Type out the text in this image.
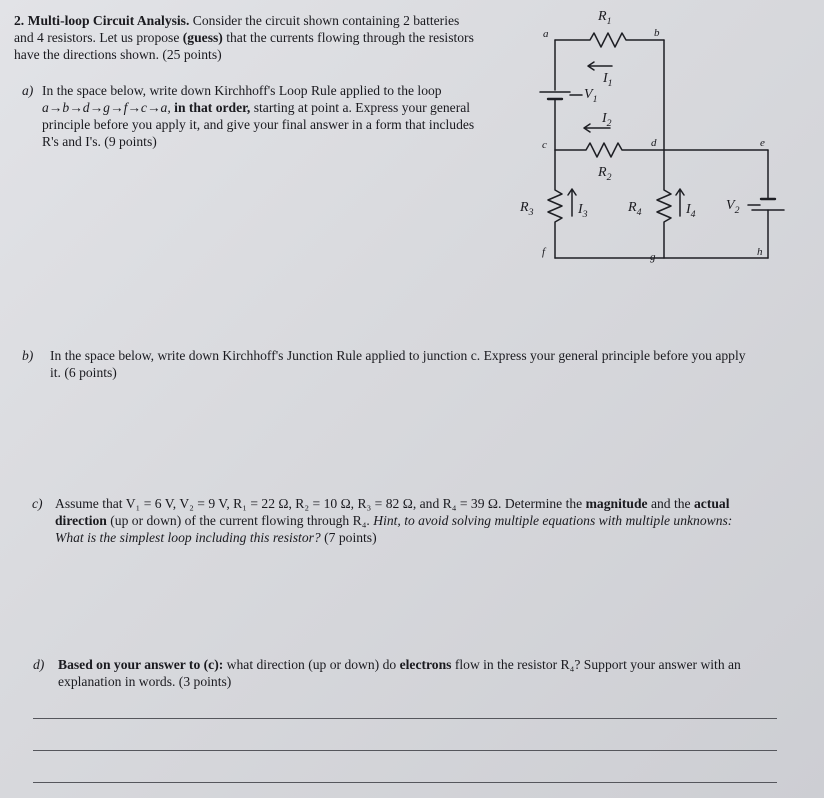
2. Multi-loop Circuit Analysis. Consider the circuit shown containing 2 batteries
and 4 resistors. Let us propose (guess) that the currents flowing through the resistors
have the directions shown. (25 points)
a) In the space below, write down Kirchhoff's Loop Rule applied to the loop
a→b→d→g→f→c→a, in that order, starting at point a. Express your general
principle before you apply it, and give your final answer in a form that includes
R's and I's. (9 points)
a	b
c	d	e
f	g	h
$R_1$
$R_2$
$R_3$	$R_4$
$I_1$
$I_2$
$I_3$	$I_4$
$V_1$
$V_2$
b) In the space below, write down Kirchhoff's Junction Rule applied to junction c. Express your general principle before you apply
it. (6 points)
c) Assume that V₁ = 6 V, V₂ = 9 V, R₁ = 22 Ω, R₂ = 10 Ω, R₃ = 82 Ω, and R₄ = 39 Ω. Determine the magnitude and the actual
direction (up or down) of the current flowing through R₄. Hint, to avoid solving multiple equations with multiple unknowns:
What is the simplest loop including this resistor? (7 points)
d) Based on your answer to (c): what direction (up or down) do electrons flow in the resistor R₄? Support your answer with an
explanation in words. (3 points)
